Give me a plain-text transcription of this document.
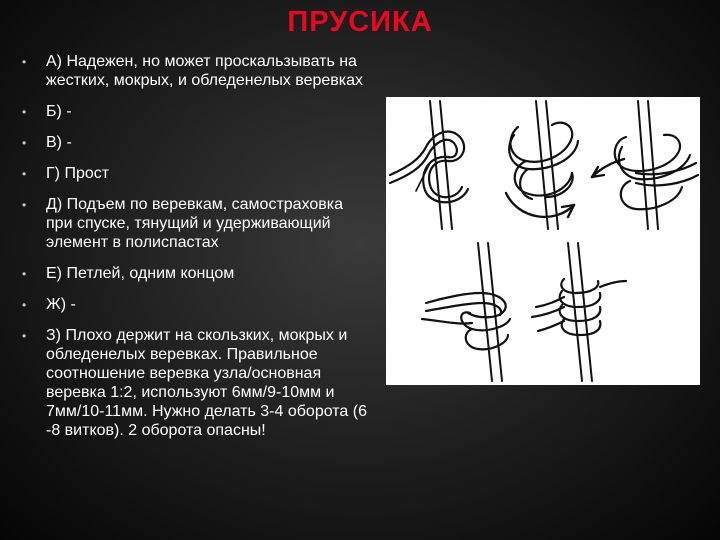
ПРУСИКА
• А) Надежен, но может проскальзывать на жестких, мокрых, и обледенелых веревках
• Б) -
• В) -
• Г) Прост
• Д) Подъем по веревкам, самостраховка при спуске, тянущий и удерживающий элемент в полиспастах
• Е) Петлей, одним концом
• Ж) -
• З) Плохо держит на скользких, мокрых и обледенелых веревках. Правильное соотношение веревка узла/основная веревка 1:2, используют 6мм/9-10мм и 7мм/10-11мм. Нужно делать 3-4 оборота (6 -8 витков). 2 оборота опасны!
